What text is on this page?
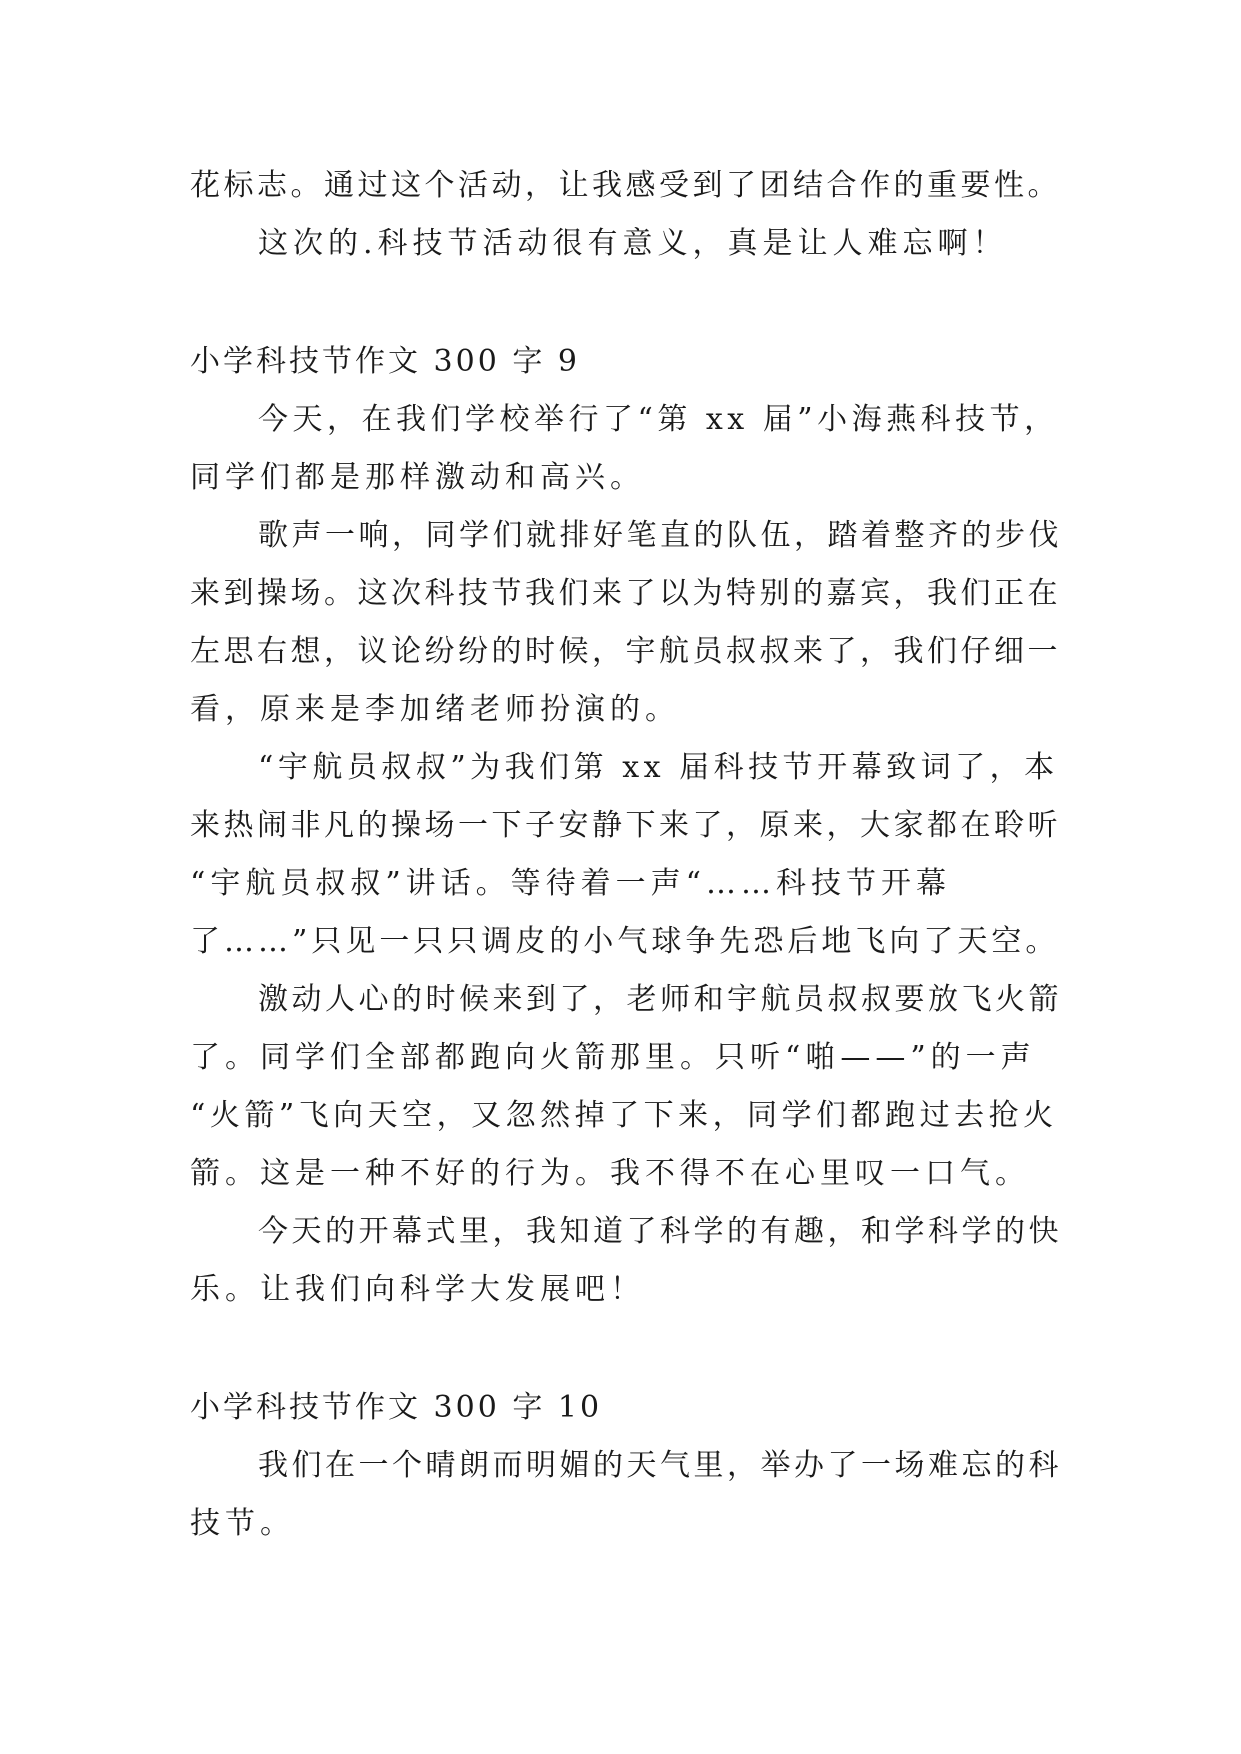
花标志。通过这个活动，让我感受到了团结合作的重要性。
这次的.科技节活动很有意义，真是让人难忘啊！
小学科技节作文 300 字 9
今天，在我们学校举行了“第 xx 届”小海燕科技节，
同学们都是那样激动和高兴。
歌声一响，同学们就排好笔直的队伍，踏着整齐的步伐
来到操场。这次科技节我们来了以为特别的嘉宾，我们正在
左思右想，议论纷纷的时候，宇航员叔叔来了，我们仔细一
看，原来是李加绪老师扮演的。
“宇航员叔叔”为我们第 xx 届科技节开幕致词了，本
来热闹非凡的操场一下子安静下来了，原来，大家都在聆听
“宇航员叔叔”讲话。等待着一声“……科技节开幕
了……”只见一只只调皮的小气球争先恐后地飞向了天空。
激动人心的时候来到了，老师和宇航员叔叔要放飞火箭
了。同学们全部都跑向火箭那里。只听“啪——”的一声
“火箭”飞向天空，又忽然掉了下来，同学们都跑过去抢火
箭。这是一种不好的行为。我不得不在心里叹一口气。
今天的开幕式里，我知道了科学的有趣，和学科学的快
乐。让我们向科学大发展吧！
小学科技节作文 300 字 10
我们在一个晴朗而明媚的天气里，举办了一场难忘的科
技节。
